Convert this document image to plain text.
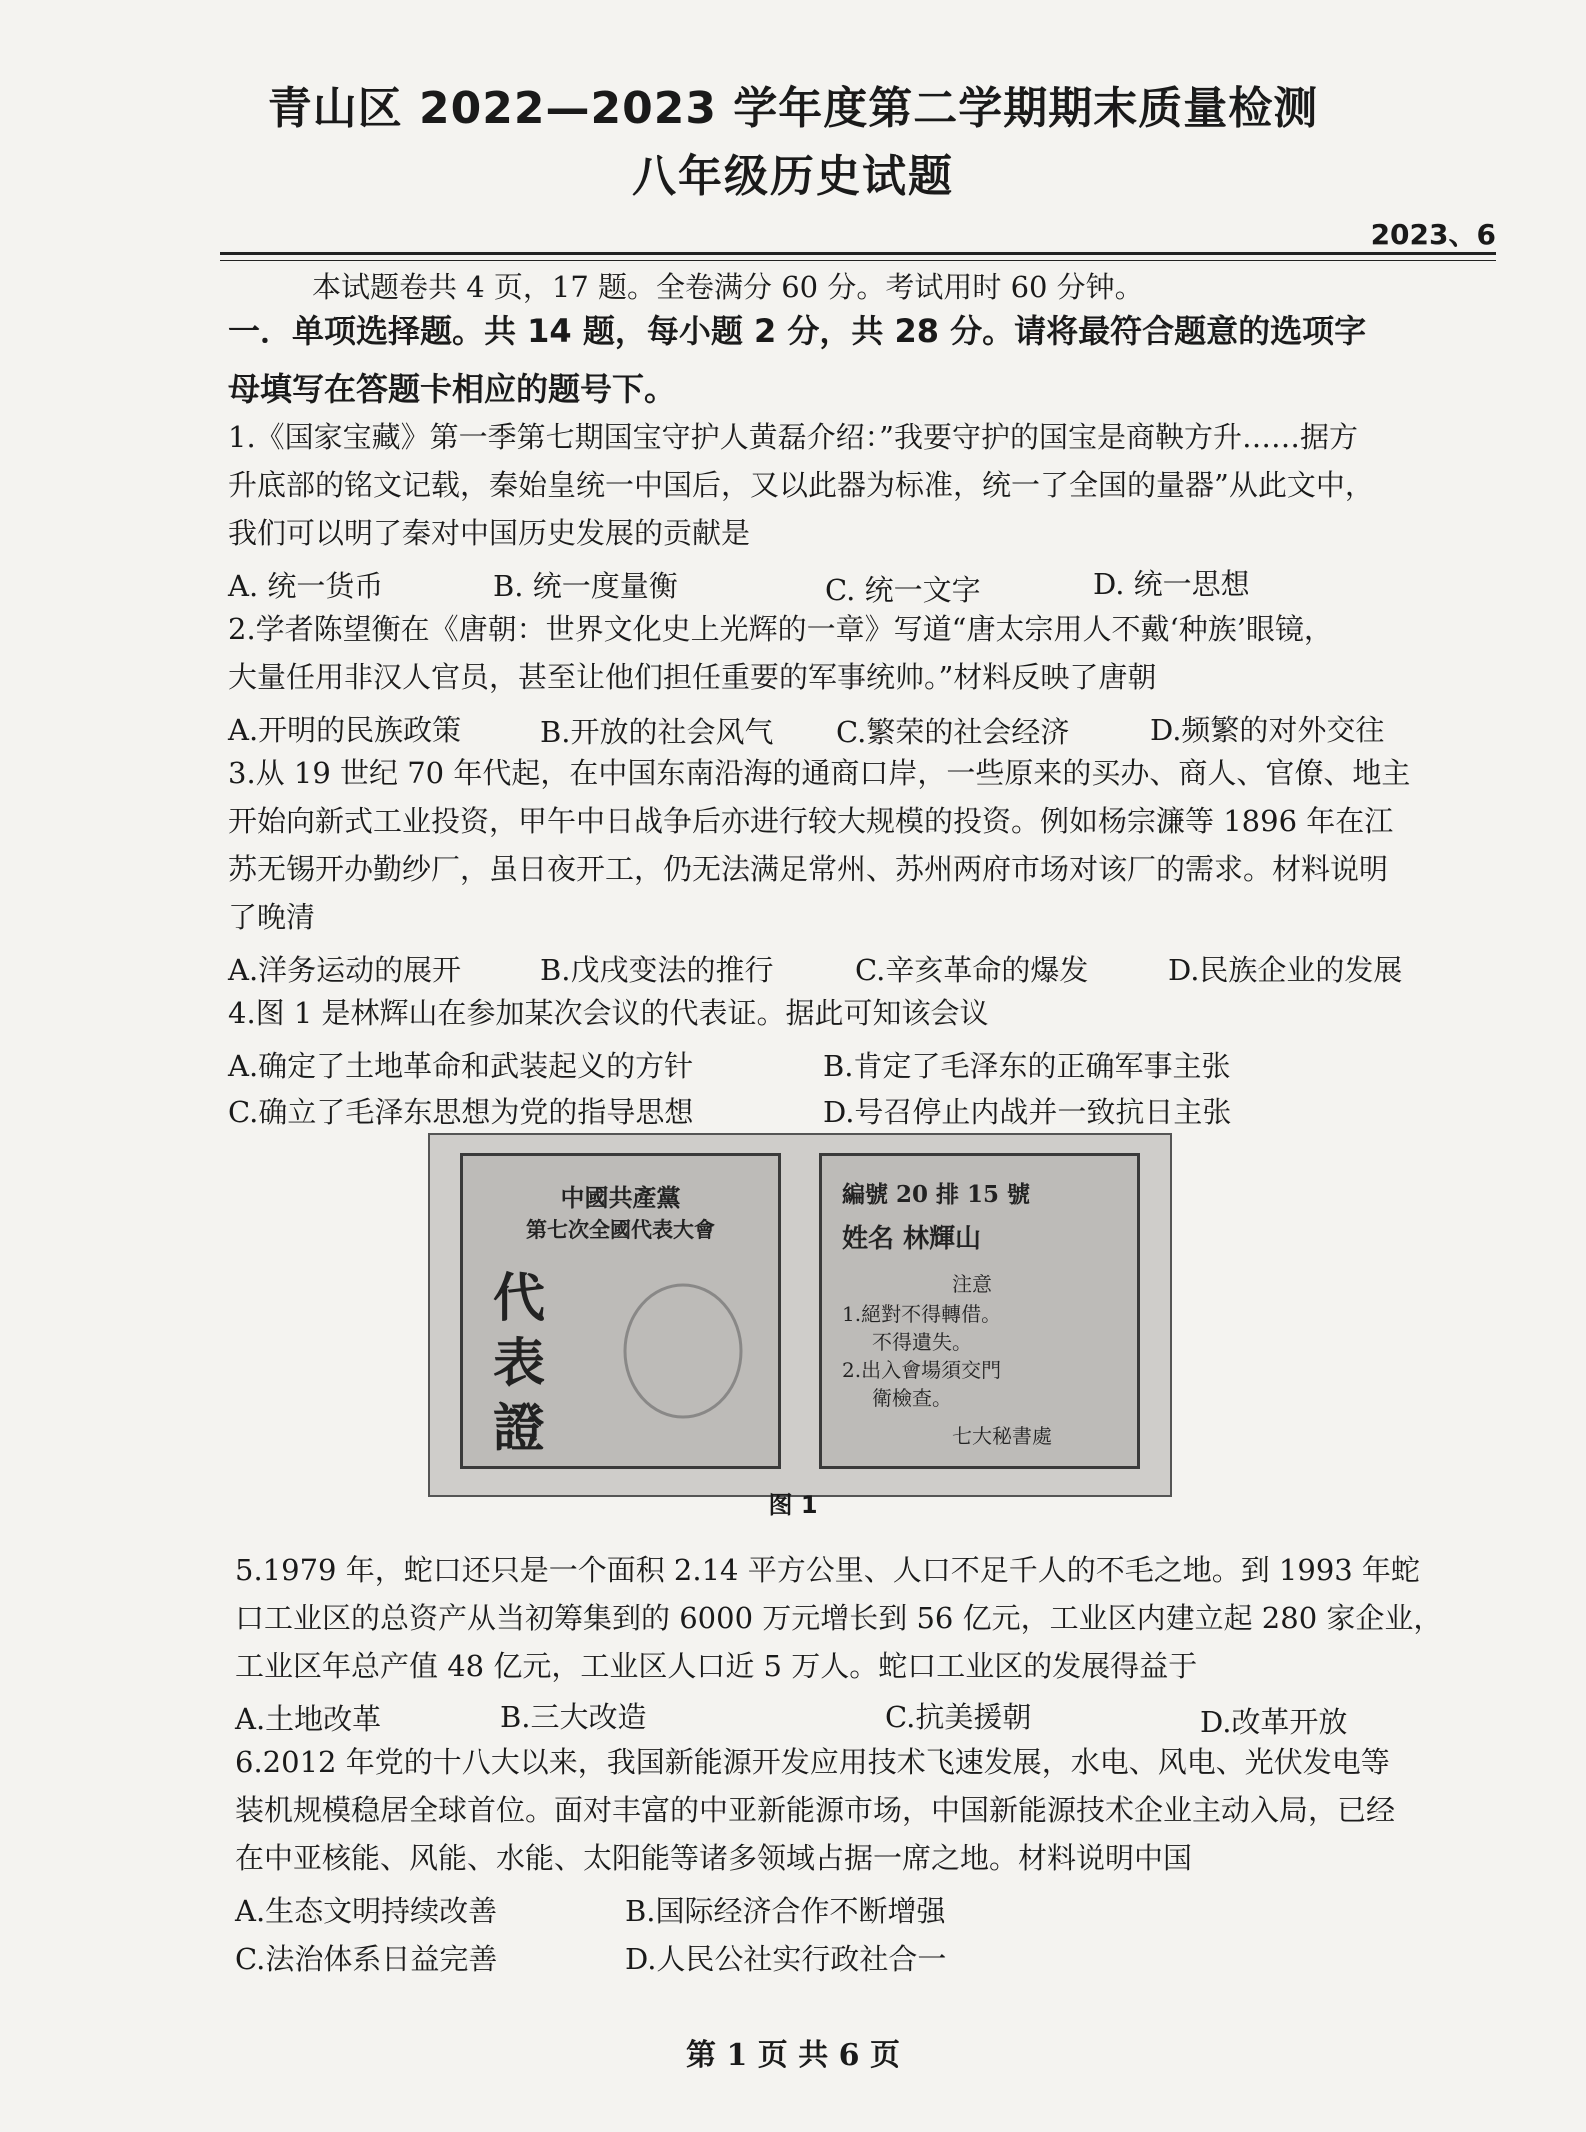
青山区 2022—2023 学年度第二学期期末质量检测
八年级历史试题
2023、6
本试题卷共 4 页，17 题。全卷满分 60 分。考试用时 60 分钟。
一．单项选择题。共 14 题，每小题 2 分，共 28 分。请将最符合题意的选项字
母填写在答题卡相应的题号下。
1.《国家宝藏》第一季第七期国宝守护人黄磊介绍：”我要守护的国宝是商鞅方升……据方
升底部的铭文记载，秦始皇统一中国后，又以此器为标准，统一了全国的量器”从此文中，
我们可以明了秦对中国历史发展的贡献是
A. 统一货币	B. 统一度量衡	C. 统一文字	D. 统一思想
2.学者陈望衡在《唐朝：世界文化史上光辉的一章》写道“唐太宗用人不戴‘种族’眼镜，
大量任用非汉人官员，甚至让他们担任重要的军事统帅。”材料反映了唐朝
A.开明的民族政策	B.开放的社会风气 C.繁荣的社会经济	D.频繁的对外交往
3.从 19 世纪 70 年代起，在中国东南沿海的通商口岸，一些原来的买办、商人、官僚、地主
开始向新式工业投资，甲午中日战争后亦进行较大规模的投资。例如杨宗濂等 1896 年在江
苏无锡开办勤纱厂，虽日夜开工，仍无法满足常州、苏州两府市场对该厂的需求。材料说明
了晚清
A.洋务运动的展开	B.戊戌变法的推行	C.辛亥革命的爆发	D.民族企业的发展
4.图 1 是林辉山在参加某次会议的代表证。据此可知该会议
A.确定了土地革命和武装起义的方针	B.肯定了毛泽东的正确军事主张
C.确立了毛泽东思想为党的指导思想	D.号召停止内战并一致抗日主张
中國共產黨
第七次全國代表大會
代
表
證
編號 20 排 15 號
姓名 林輝山
注意
1.絕對不得轉借。
不得遺失。
2.出入會場須交門
衛檢查。
七大秘書處
图 1
5.1979 年，蛇口还只是一个面积 2.14 平方公里、人口不足千人的不毛之地。到 1993 年蛇
口工业区的总资产从当初筹集到的 6000 万元增长到 56 亿元，工业区内建立起 280 家企业，
工业区年总产值 48 亿元，工业区人口近 5 万人。蛇口工业区的发展得益于
A.土地改革	B.三大改造	C.抗美援朝	D.改革开放
6.2012 年党的十八大以来，我国新能源开发应用技术飞速发展，水电、风电、光伏发电等
装机规模稳居全球首位。面对丰富的中亚新能源市场，中国新能源技术企业主动入局，已经
在中亚核能、风能、水能、太阳能等诸多领域占据一席之地。材料说明中国
A.生态文明持续改善	B.国际经济合作不断增强
C.法治体系日益完善	D.人民公社实行政社合一
第 1 页 共 6 页
